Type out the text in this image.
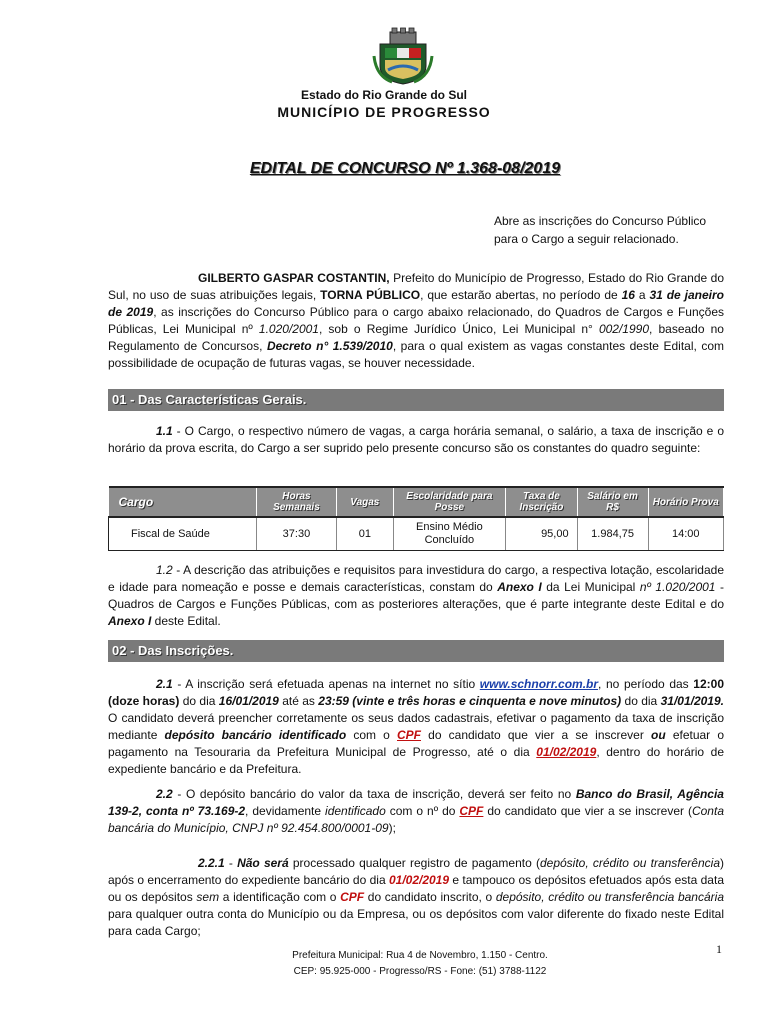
Estado do Rio Grande do Sul
MUNICÍPIO DE PROGRESSO
EDITAL DE CONCURSO Nº 1.368-08/2019
Abre as inscrições do Concurso Público
para o Cargo a seguir relacionado.
GILBERTO GASPAR COSTANTIN, Prefeito do Município de Progresso, Estado do Rio Grande do Sul, no uso de suas atribuições legais, TORNA PÚBLICO, que estarão abertas, no período de 16 a 31 de janeiro de 2019, as inscrições do Concurso Público para o cargo abaixo relacionado, do Quadros de Cargos e Funções Públicas, Lei Municipal nº 1.020/2001, sob o Regime Jurídico Único, Lei Municipal n° 002/1990, baseado no Regulamento de Concursos, Decreto n° 1.539/2010, para o qual existem as vagas constantes deste Edital, com possibilidade de ocupação de futuras vagas, se houver necessidade.
01 - Das Características Gerais.
1.1 - O Cargo, o respectivo número de vagas, a carga horária semanal, o salário, a taxa de inscrição e o horário da prova escrita, do Cargo a ser suprido pelo presente concurso são os constantes do quadro seguinte:
Cargo	Horas Semanais	Vagas	Escolaridade para Posse	Taxa de Inscrição	Salário em R$	Horário Prova
Fiscal de Saúde	37:30	01	Ensino Médio Concluído	95,00	1.984,75	14:00
1.2 - A descrição das atribuições e requisitos para investidura do cargo, a respectiva lotação, escolaridade e idade para nomeação e posse e demais características, constam do Anexo I da Lei Municipal nº 1.020/2001 - Quadros de Cargos e Funções Públicas, com as posteriores alterações, que é parte integrante deste Edital e do Anexo I deste Edital.
02 - Das Inscrições.
2.1 - A inscrição será efetuada apenas na internet no sítio www.schnorr.com.br, no período das 12:00 (doze horas) do dia 16/01/2019 até as 23:59 (vinte e três horas e cinquenta e nove minutos) do dia 31/01/2019. O candidato deverá preencher corretamente os seus dados cadastrais, efetivar o pagamento da taxa de inscrição mediante depósito bancário identificado com o CPF do candidato que vier a se inscrever ou efetuar o pagamento na Tesouraria da Prefeitura Municipal de Progresso, até o dia 01/02/2019, dentro do horário de expediente bancário e da Prefeitura.
2.2 - O depósito bancário do valor da taxa de inscrição, deverá ser feito no Banco do Brasil, Agência 139-2, conta nº 73.169-2, devidamente identificado com o nº do CPF do candidato que vier a se inscrever (Conta bancária do Município, CNPJ nº 92.454.800/0001-09);
2.2.1 - Não será processado qualquer registro de pagamento (depósito, crédito ou transferência) após o encerramento do expediente bancário do dia 01/02/2019 e tampouco os depósitos efetuados após esta data ou os depósitos sem a identificação com o CPF do candidato inscrito, o depósito, crédito ou transferência bancária para qualquer outra conta do Município ou da Empresa, ou os depósitos com valor diferente do fixado neste Edital para cada Cargo;
1
Prefeitura Municipal: Rua 4 de Novembro, 1.150 - Centro.
CEP: 95.925-000 - Progresso/RS - Fone: (51) 3788-1122
